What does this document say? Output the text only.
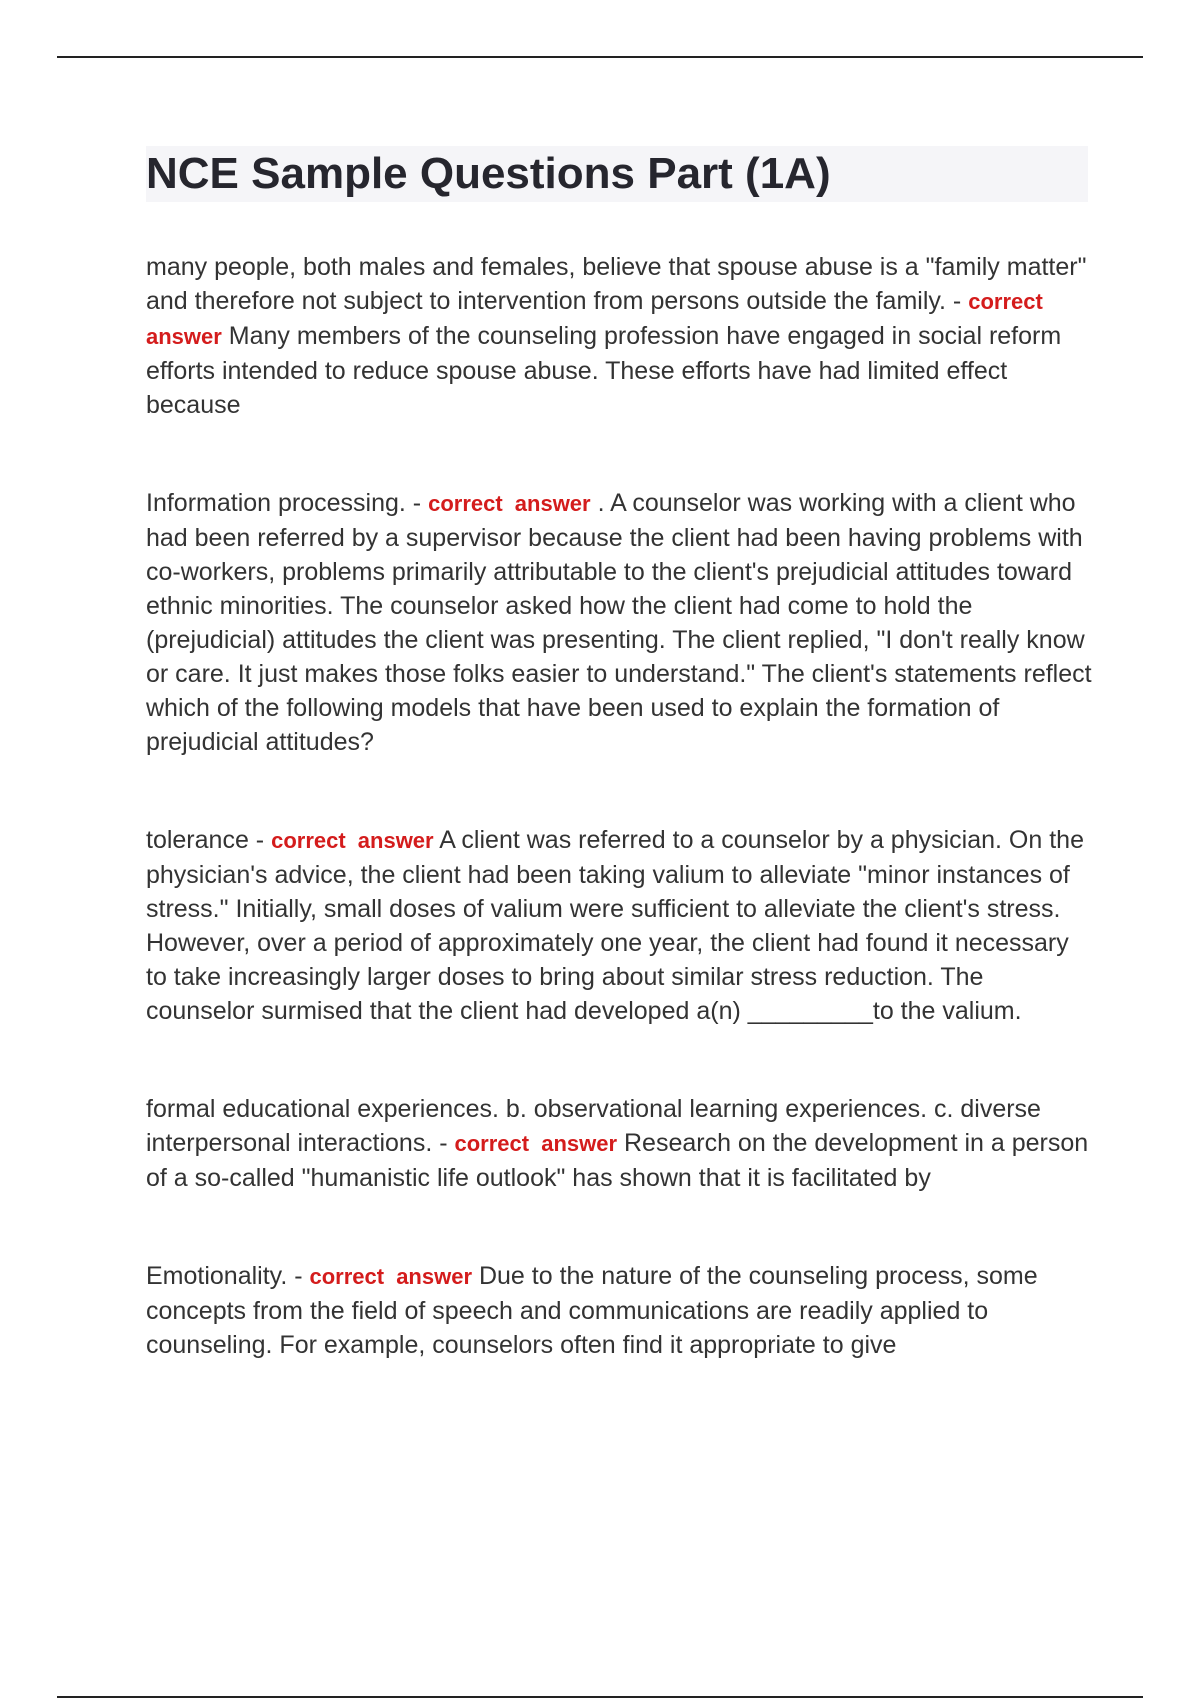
NCE Sample Questions Part (1A)

many people, both males and females, believe that spouse abuse is a "family matter" and therefore not subject to intervention from persons outside the family. - correct answer Many members of the counseling profession have engaged in social reform efforts intended to reduce spouse abuse. These efforts have had limited effect because

Information processing. - correct answer . A counselor was working with a client who had been referred by a supervisor because the client had been having problems with co-workers, problems primarily attributable to the client's prejudicial attitudes toward ethnic minorities. The counselor asked how the client had come to hold the (prejudicial) attitudes the client was presenting. The client replied, "I don't really know or care. It just makes those folks easier to understand." The client's statements reflect which of the following models that have been used to explain the formation of prejudicial attitudes?

tolerance - correct answer A client was referred to a counselor by a physician. On the physician's advice, the client had been taking valium to alleviate "minor instances of stress." Initially, small doses of valium were sufficient to alleviate the client's stress. However, over a period of approximately one year, the client had found it necessary to take increasingly larger doses to bring about similar stress reduction. The counselor surmised that the client had developed a(n) _________to the valium.

formal educational experiences. b. observational learning experiences. c. diverse interpersonal interactions. - correct answer Research on the development in a person of a so-called "humanistic life outlook" has shown that it is facilitated by

Emotionality. - correct answer Due to the nature of the counseling process, some concepts from the field of speech and communications are readily applied to counseling. For example, counselors often find it appropriate to give
